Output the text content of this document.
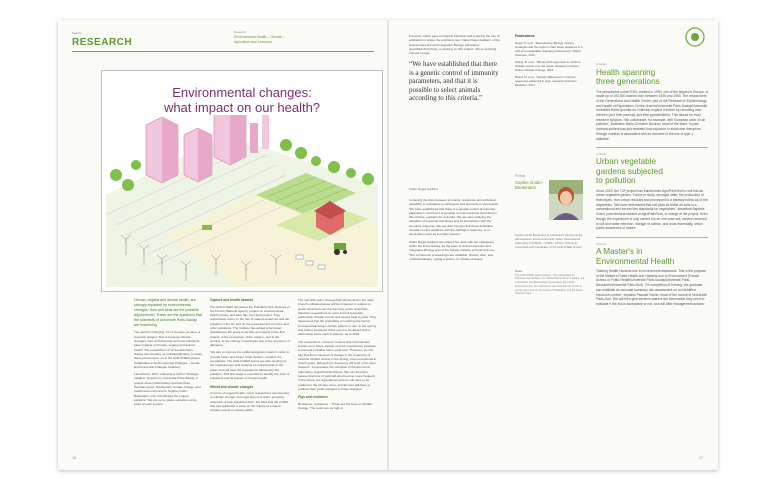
Section
RESEARCH
Research
Environmental Health – Climate –
Agriculture and Livestock
Environmental changes:
what impact on our health?

Human, vegetal and animal health, are strongly impacted by environmental changes. How and what are the possible adjustments? These are the questions that the scientists of Université Paris-Saclay are examining.

The world is changing. It is a timeline, an idea, a research subject. This is because climate changes, loss of biodiversity and new pollutants have impacts on human, vegetal and animal health. The researchers of Université Paris-Saclay are focusing on multidisciplinarity, to study these phenomena, as in the ACE-ICSEN project (Adaptation to Environmental Changes – Social-Environmental Changes initiative).

Launched in 2017, following a call for 'Strategic Initiative' projects by Université Paris-Saclay, it groups eleven laboratories and has three thematic areas: biodiversity, climate change, and health and environment. Sophie Godin-Beekmann, who coordinates the project, explains: 'We are set to place ourselves at the heart of such a place.'

Capture and health hazards

The ACE-ICSEN has joined the Pollutants Sub-Network of the French National Agency, project on environmental health issues, and after this, the rapid project. They respectively focus on the use of natural resources and the pollution in the air, and on the measurement of ozone and other pollutants. The Institute has added a harvester dedicated to the study to identify an impurity in the first project, in the ecosystem of the capture, and in the second, to the change in behaviour due to the presence of allergens.

'We aim to improve the epidemiological models in order to provide better and closer scale studies', explains the coordinator. The ACE-ICSEN teams are also working on the measurement and analysis of contaminants in the water and soil near the populations affected by the pollution. This first stage is essential to identify the risks of pollutants and its impact on human health.

Wheat and climate changes

In terms of vegetal health, many researchers are focusing on climate change. Amongst them is a team, grouping scientists of Inra, AgroParisTech, the CEA and the CNRS, that has published a study on the impact of extreme climatic events on wheat yields.

The scientific team showed that wheat yield in the main French cultivated areas will be impacted in relation to yields observed over the last forty years. Scientists therefore researched on more current forecasts, particularly climatic events and severe heat in yield. They discovered that the probability of enduring the former increased following a certain pattern of rain, in the spring, and further increased if this event is combined with a particularly warm spell of autumn, as in 2016.

The researchers, however, believe that uncertainties remain as to future climate and are important to evaluate a potential probable future yield loss. 'However, we can say that there has been a change in the frequency of extreme climatic events in the spring, most exceptional in recent years, although the frequency will tend to be more frequent', summarises the scientists of the Economic Laboratory (AgroParisTech/Inra): 'We can therefore believe that loss of yield will also become more frequent. In the future, the agricultural systems will have to be resilient to the climate crisis, and farmers will have to produce their yields adapted to these changes.'

Pigs and resilience

Resilience, resistance... These are the keys to climate change. The redox are as high in

16

livestock, where agro-ecological transition and reducing the use of antibiotics is where the ambitions lies. Claire Rogel-Gaillard, of the Animal Genetics and Integrative Biology Laboratory (AgroParisTech/Inra), is working on this subject. She is studying cohorts of pigs:

“We have established that there is a genetic control of immunity parameters, and that it is possible to select animals according to this criteria.”
Claire Rogel-Gaillard

to identify the links between immunity, resistance and individual variability to resistance to pathogens and stressors in vaccination. 'We have established that there is a genetic control of immunity parameters, and that it is possible to select animals according to this criteria', explains the scientist. 'We are also studying the variables of intestinal microbiota and its interactions with the immunity response. We are also trying to link these individual variables to the variables with the pathogen response, or to vaccination such as a certain vaccine.'

Claire Rogel-Gaillard has shared her work with her colleagues within the Paris-Saclay, as the team of Animal Genetics and Integrative Biology and of the Saclay Institute of Food Science. 'The conference proceedings are available, shared, then, and multi-disciplinary', giving a lecture on climate changes.

Publications

Rogel, P. et al., 'Reproductive Biology, Coping strategies and the costs to chart future resilience in a wild and sustainable changing environment', Gilbert Sciences, 2016.

Zhang, B. et al., 'Wheat yield responses to extreme climatic events over the recent decades in France', Nature Climate Change, 2016.

Boeuf, M. et al., 'Genetic differences in immune responses observed in pigs', Genetics Selection Evolution, 2017.

Portrait
Sophie Godin-
Beekmann
Sophie Godin-Beekmann is a Research Director at the Atmospheres, Environment and Space Observations Laboratory (LATMOS – CNRS / UVSQ / Sorbonne Université) and coordinator of the ACE-ICSEN project.
Notes
The ACE-ICSEN project groups: The Laboratoire de Physique des Océans, the Institut Pierre-Simon Laplace, the Laboratoire de Météorologie Dynamique, the Centre Environnement, the Laboratoire des Sciences du Climat et de l'Environnement, the Centre of Modelling, and the Ecole Polytechnique.
In focus
Health spanning
three generations

The prospective cohort E3N, created in 1990, one of the largest in Europe, is made up of 100,000 women born between 1925 and 1950. The researchers of the Generations and Health Centre, part of the Research in Epidemiology and Health of Populations Centre (Inserm/Université Paris-Saclay/Université Versailles Saint-Quentin-en-Yvelines) expand it further by recruiting their children (and their parents) and their grandchildren. This allows for more research subjects. 'We collaborate, for example, with European work on air pollution', illustrates Marie-Christine Boutron, head of the team. 'A past doctoral student has just revealed that exposure to endocrine disruptors through nutrition is associated with an increase in the risk of type-1 diabetes'.

In focus
Urban vegetable
gardens subjected
to pollution

Since 2016, the T4P project has transformed AgroParisTech's roof into an urban vegetable garden. It aims to study, amongst other, the production of techniques, from urban residues and processed to a sanitary follow-up of the vegetables. 'We have determined that soil plots as fertile as soils in a conventional and exceed the standards for vegetables', describes Baptiste Grard, post-doctoral student at AgroParisTech, in charge of the project. Even though the experiment is only carried out on one case soil, service rendered is soil and water retention, storage of carbon, and most essentially, urban public awareness of nature.

In focus
A Master's in
Environmental Health

Training Health Hazards due to environment assessors: This is the purpose of the Master's Public Health and Hazards due to Environment (French School of Public Health/Université Paris-Saclay/Université Paris-Descartes/Université Paris-Sud). 'On completion of training, the graduate can establish an accurate summary risk assessment on an identified exposure context', explains Pascale Kohler, head of the course in Université Paris-Sud. 'We will then give decision-makers the information they need to evaluate if the risk is acceptable or not, and will offer management actions'.

17
